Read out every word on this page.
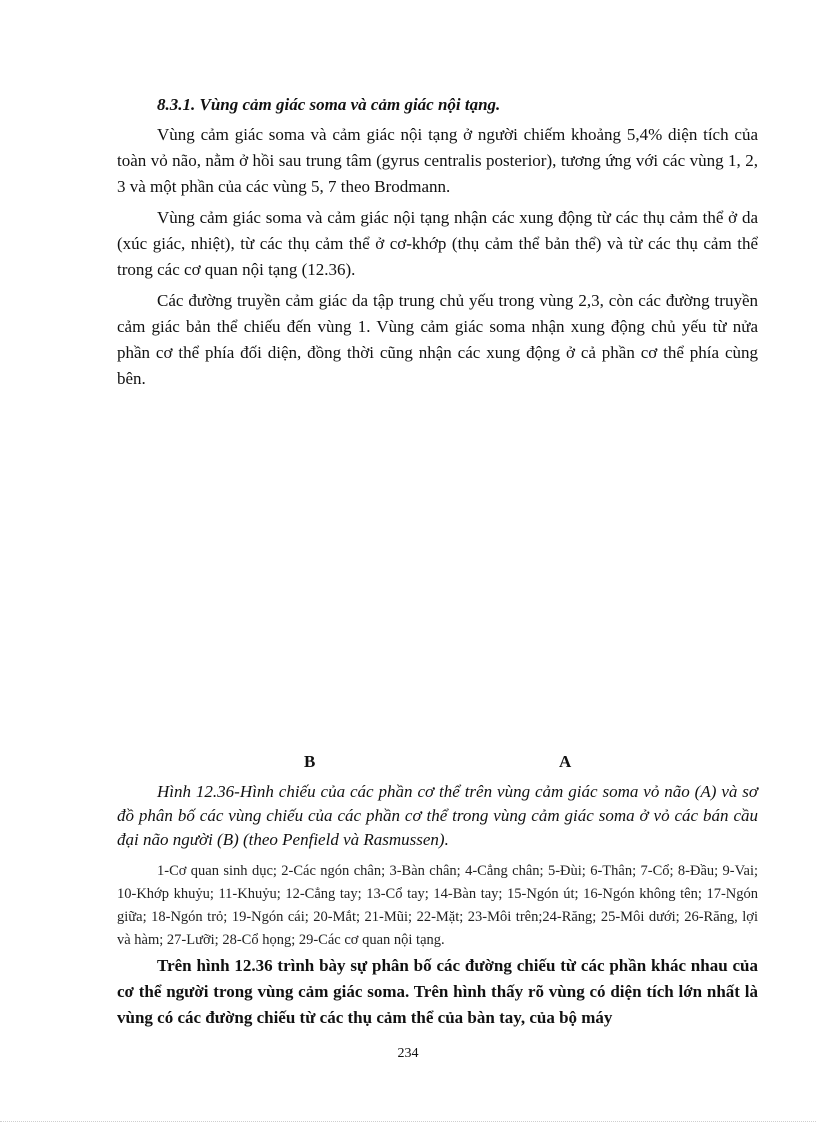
8.3.1. Vùng cảm giác soma và cảm giác nội tạng.

Vùng cảm giác soma và cảm giác nội tạng ở người chiếm khoảng 5,4% diện tích của toàn vỏ não, nằm ở hồi sau trung tâm (gyrus centralis posterior), tương ứng với các vùng 1, 2, 3 và một phần của các vùng 5, 7 theo Brodmann.

Vùng cảm giác soma và cảm giác nội tạng nhận các xung động từ các thụ cảm thể ở da (xúc giác, nhiệt), từ các thụ cảm thể ở cơ-khớp (thụ cảm thể bản thể) và từ các thụ cảm thể trong các cơ quan nội tạng (12.36).

Các đường truyền cảm giác da tập trung chủ yếu trong vùng 2,3, còn các đường truyền cảm giác bản thể chiếu đến vùng 1. Vùng cảm giác soma nhận xung động chủ yếu từ nửa phần cơ thể phía đối diện, đồng thời cũng nhận các xung động ở cả phần cơ thể phía cùng bên.

B	A

Hình 12.36-Hình chiếu của các phần cơ thể trên vùng cảm giác soma vỏ não (A) và sơ đồ phân bố các vùng chiếu của các phần cơ thể trong vùng cảm giác soma ở vỏ các bán cầu đại não người (B) (theo Penfield và Rasmussen).

1-Cơ quan sinh dục; 2-Các ngón chân; 3-Bàn chân; 4-Cẳng chân; 5-Đùi; 6-Thân; 7-Cổ; 8-Đầu; 9-Vai; 10-Khớp khuỷu; 11-Khuỷu; 12-Cẳng tay; 13-Cổ tay; 14-Bàn tay; 15-Ngón út; 16-Ngón không tên; 17-Ngón giữa; 18-Ngón trỏ; 19-Ngón cái; 20-Mắt; 21-Mũi; 22-Mặt; 23-Môi trên;24-Răng; 25-Môi dưới; 26-Răng, lợi và hàm; 27-Lưỡi; 28-Cổ họng; 29-Các cơ quan nội tạng.

Trên hình 12.36 trình bày sự phân bố các đường chiếu từ các phần khác nhau của cơ thể người trong vùng cảm giác soma. Trên hình thấy rõ vùng có diện tích lớn nhất là vùng có các đường chiếu từ các thụ cảm thể của bàn tay, của bộ máy

234
